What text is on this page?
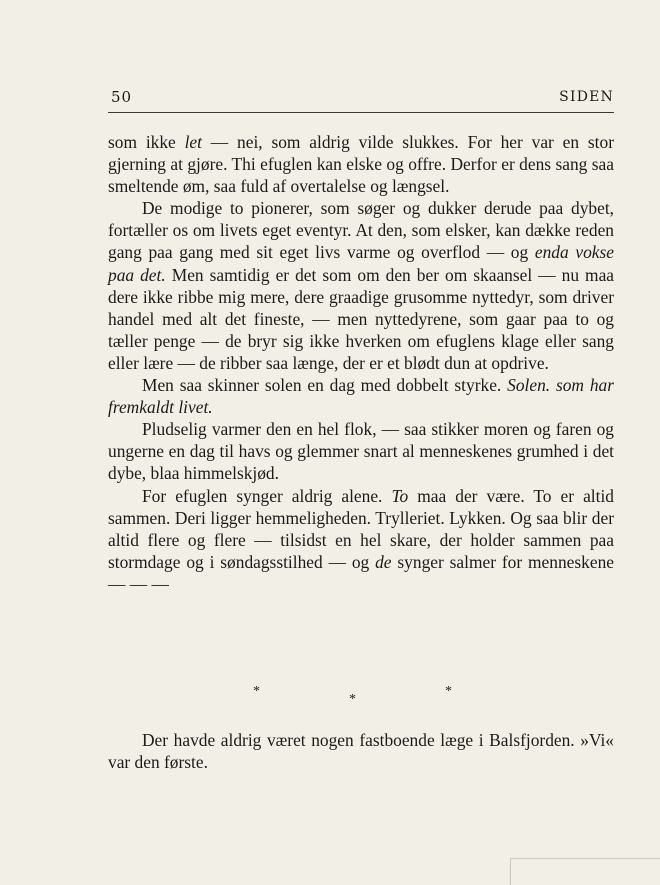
50	SIDEN

som ikke let — nei, som aldrig vilde slukkes. For her var en stor gjerning at gjøre. Thi efuglen kan elske og offre. Derfor er dens sang saa smeltende øm, saa fuld af overtalelse og længsel.

De modige to pionerer, som søger og dukker derude paa dybet, fortæller os om livets eget eventyr. At den, som elsker, kan dække reden gang paa gang med sit eget livs varme og overflod — og enda vokse paa det. Men samtidig er det som om den ber om skaansel — nu maa dere ikke ribbe mig mere, dere graadige grusomme nyttedyr, som driver handel med alt det fineste, — men nyttedyrene, som gaar paa to og tæller penge — de bryr sig ikke hverken om efuglens klage eller sang eller lære — de ribber saa længe, der er et blødt dun at opdrive.

Men saa skinner solen en dag med dobbelt styrke. Solen. som har fremkaldt livet.

Pludselig varmer den en hel flok, — saa stikker moren og faren og ungerne en dag til havs og glemmer snart al menneskenes grumhed i det dybe, blaa himmelskjød.

For efuglen synger aldrig alene. To maa der være. To er altid sammen. Deri ligger hemmeligheden. Trylleriet. Lykken. Og saa blir der altid flere og flere — tilsidst en hel skare, der holder sammen paa stormdage og i søndagsstilhed — og de synger salmer for menneskene — — —

*
*
*

Der havde aldrig været nogen fastboende læge i Balsfjorden. »Vi« var den første.
